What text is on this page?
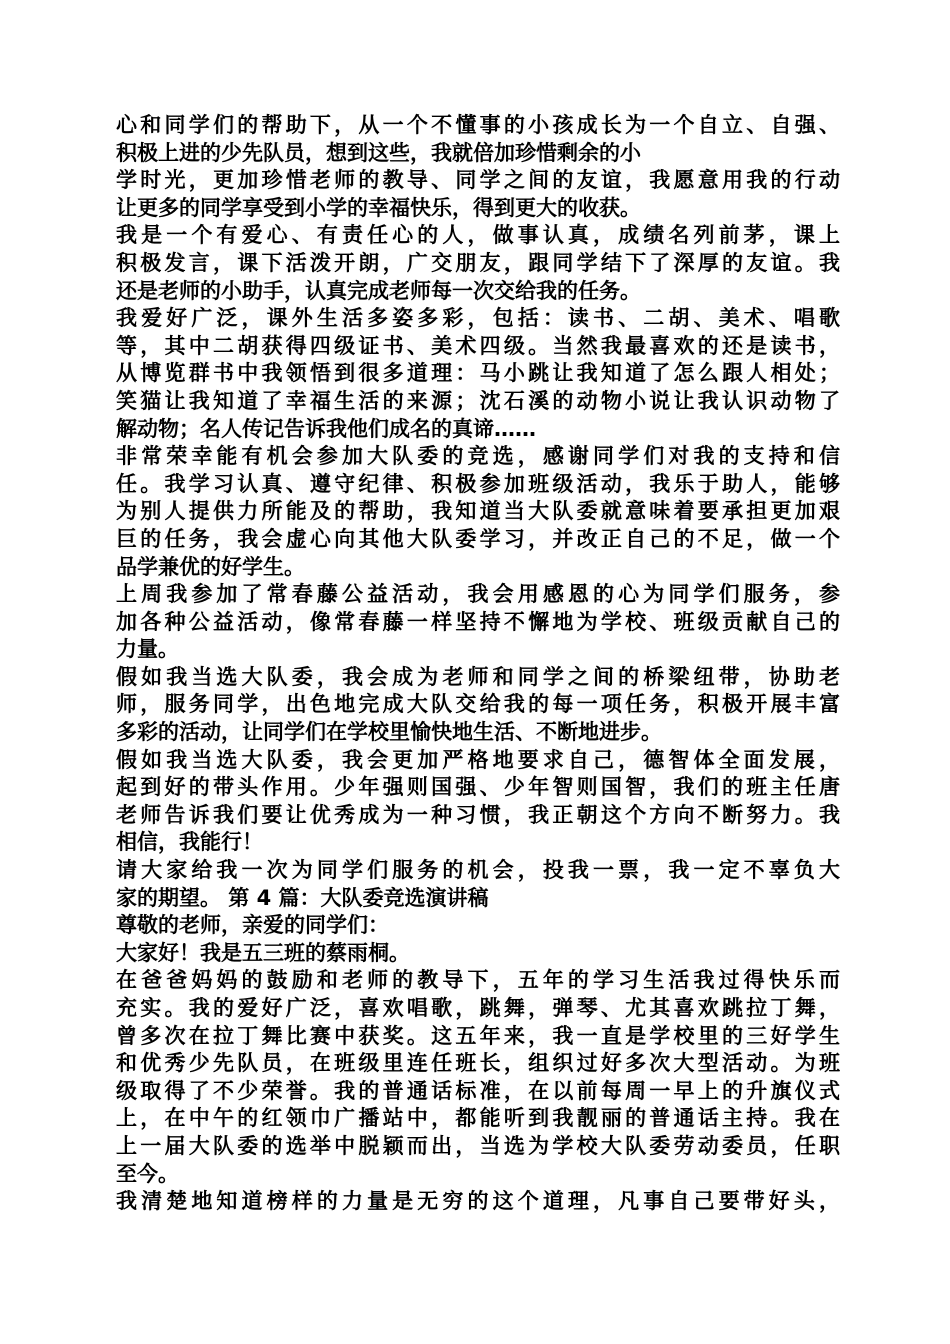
心和同学们的帮助下，从一个不懂事的小孩成长为一个自立、自强、
积极上进的少先队员，想到这些，我就倍加珍惜剩余的小
学时光，更加珍惜老师的教导、同学之间的友谊，我愿意用我的行动
让更多的同学享受到小学的幸福快乐，得到更大的收获。
我是一个有爱心、有责任心的人，做事认真，成绩名列前茅，课上
积极发言，课下活泼开朗，广交朋友，跟同学结下了深厚的友谊。我
还是老师的小助手，认真完成老师每一次交给我的任务。
我爱好广泛，课外生活多姿多彩，包括：读书、二胡、美术、唱歌
等，其中二胡获得四级证书、美术四级。当然我最喜欢的还是读书，
从博览群书中我领悟到很多道理：马小跳让我知道了怎么跟人相处；
笑猫让我知道了幸福生活的来源；沈石溪的动物小说让我认识动物了
解动物；名人传记告诉我他们成名的真谛……
非常荣幸能有机会参加大队委的竞选，感谢同学们对我的支持和信
任。我学习认真、遵守纪律、积极参加班级活动，我乐于助人，能够
为别人提供力所能及的帮助，我知道当大队委就意味着要承担更加艰
巨的任务，我会虚心向其他大队委学习，并改正自己的不足，做一个
品学兼优的好学生。
上周我参加了常春藤公益活动，我会用感恩的心为同学们服务，参
加各种公益活动，像常春藤一样坚持不懈地为学校、班级贡献自己的
力量。
假如我当选大队委，我会成为老师和同学之间的桥梁纽带，协助老
师，服务同学，出色地完成大队交给我的每一项任务，积极开展丰富
多彩的活动，让同学们在学校里愉快地生活、不断地进步。
假如我当选大队委，我会更加严格地要求自己，德智体全面发展，
起到好的带头作用。少年强则国强、少年智则国智，我们的班主任唐
老师告诉我们要让优秀成为一种习惯，我正朝这个方向不断努力。我
相信，我能行！
请大家给我一次为同学们服务的机会，投我一票，我一定不辜负大
家的期望。 第 4 篇：大队委竞选演讲稿
尊敬的老师，亲爱的同学们：
大家好！我是五三班的蔡雨桐。
在爸爸妈妈的鼓励和老师的教导下，五年的学习生活我过得快乐而
充实。我的爱好广泛，喜欢唱歌，跳舞，弹琴、尤其喜欢跳拉丁舞，
曾多次在拉丁舞比赛中获奖。这五年来，我一直是学校里的三好学生
和优秀少先队员，在班级里连任班长，组织过好多次大型活动。为班
级取得了不少荣誉。我的普通话标准，在以前每周一早上的升旗仪式
上，在中午的红领巾广播站中，都能听到我靓丽的普通话主持。我在
上一届大队委的选举中脱颖而出，当选为学校大队委劳动委员，任职
至今。
我清楚地知道榜样的力量是无穷的这个道理，凡事自己要带好头，
